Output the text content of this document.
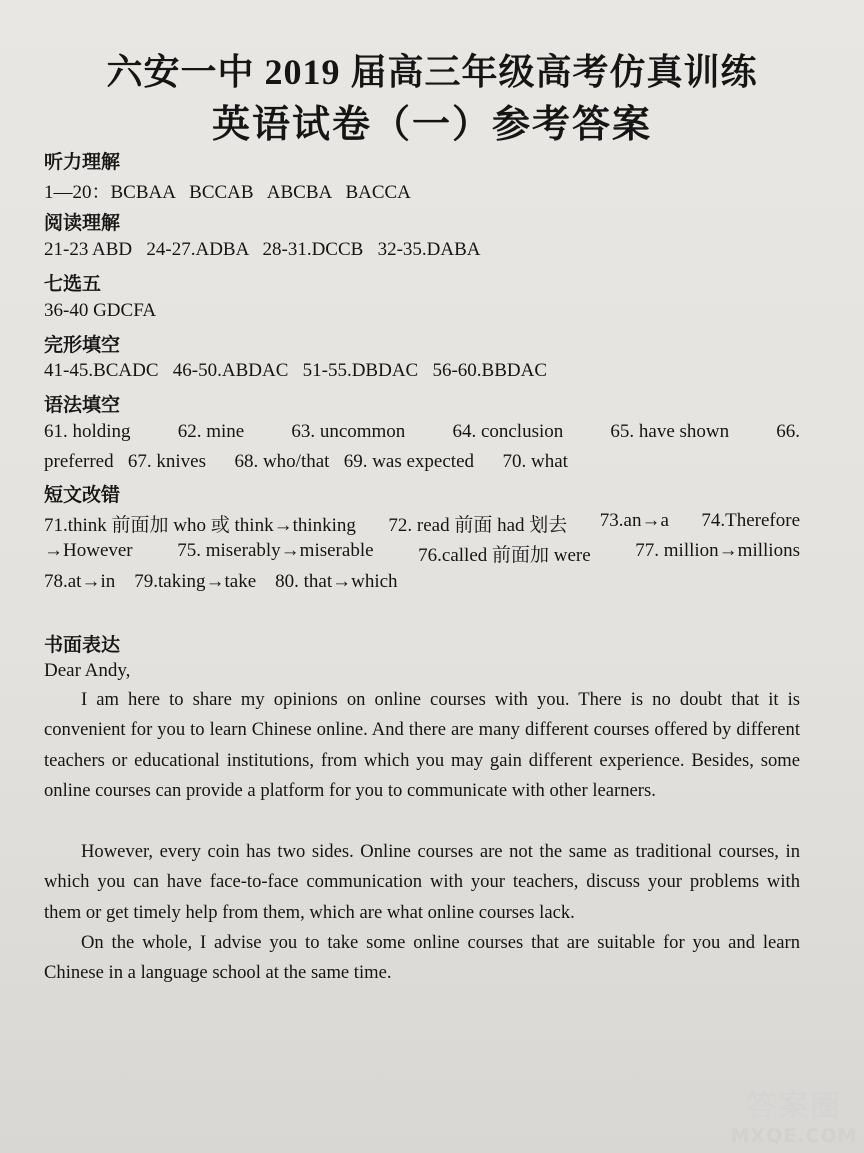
六安一中 2019 届高三年级高考仿真训练
英语试卷（一）参考答案
听力理解
1—20：BCBAA   BCCAB   ABCBA   BACCA
阅读理解
21-23 ABD   24-27.ADBA   28-31.DCCB   32-35.DABA
七选五
36-40 GDCFA
完形填空
41-45.BCADC   46-50.ABDAC   51-55.DBDAC   56-60.BBDAC
语法填空
61. holding 62. mine 63. uncommon 64. conclusion 65. have shown 66.
preferred   67. knives      68. who/that   69. was expected      70. what
短文改错
71.think 前面加 who 或 think→thinking 72. read 前面 had 划去 73.an→a 74.Therefore
→However 75. miserably→miserable 76.called 前面加 were 77. million→millions
78.at→in    79.taking→take    80. that→which
书面表达
Dear Andy,
I am here to share my opinions on online courses with you. There is no doubt that it is convenient for you to learn Chinese online. And there are many different courses offered by different teachers or educational institutions, from which you may gain different experience. Besides, some online courses can provide a platform for you to communicate with other learners.
However, every coin has two sides. Online courses are not the same as traditional courses, in which you can have face-to-face communication with your teachers, discuss your problems with them or get timely help from them, which are what online courses lack.
On the whole, I advise you to take some online courses that are suitable for you and learn Chinese in a language school at the same time.
答案圈
MXQE.COM
